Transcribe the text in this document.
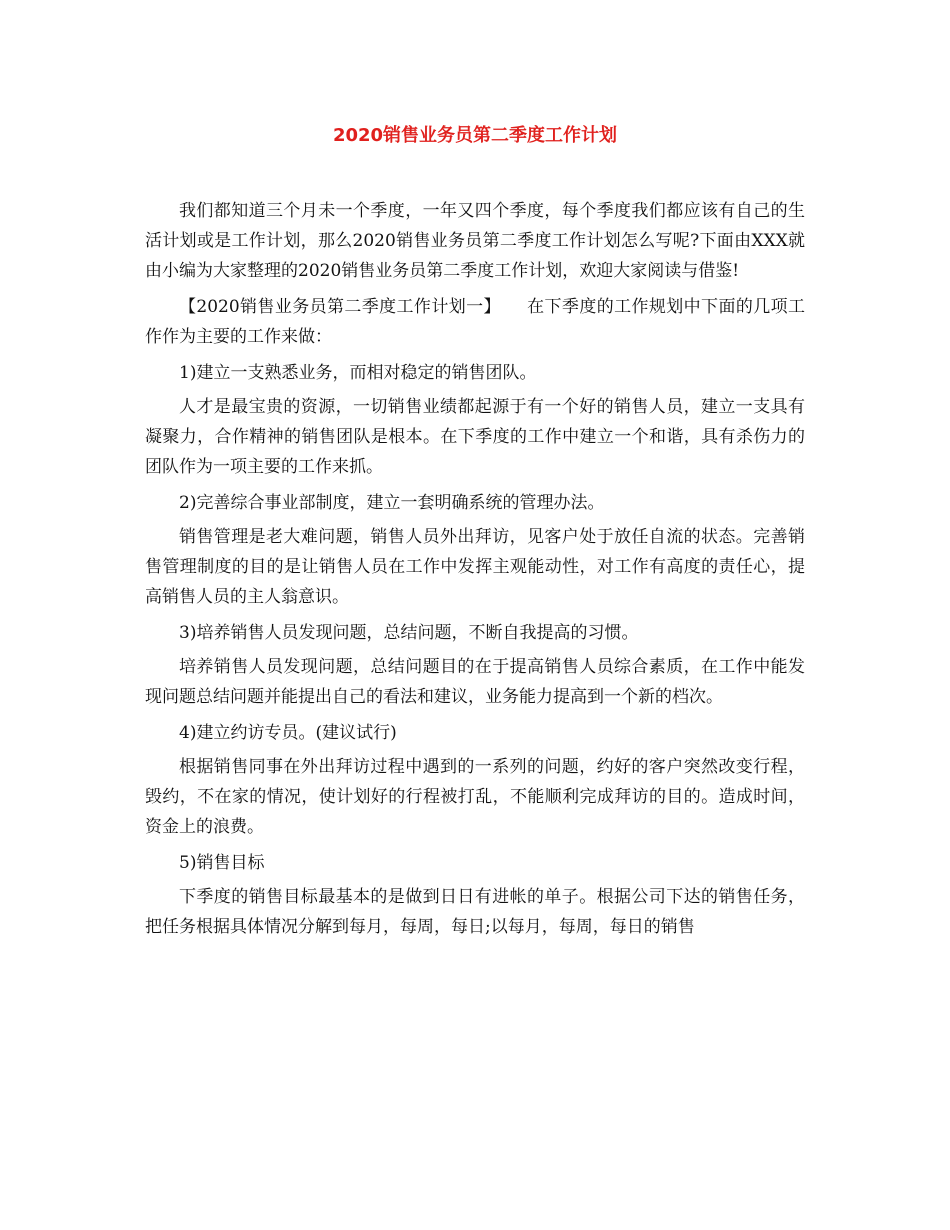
2020销售业务员第二季度工作计划

我们都知道三个月未一个季度，一年又四个季度，每个季度我们都应该有自己的生活计划或是工作计划，那么2020销售业务员第二季度工作计划怎么写呢?下面由XXX就由小编为大家整理的2020销售业务员第二季度工作计划，欢迎大家阅读与借鉴!

【2020销售业务员第二季度工作计划一】　　在下季度的工作规划中下面的几项工作作为主要的工作来做：

1)建立一支熟悉业务，而相对稳定的销售团队。

人才是最宝贵的资源，一切销售业绩都起源于有一个好的销售人员，建立一支具有凝聚力，合作精神的销售团队是根本。在下季度的工作中建立一个和谐，具有杀伤力的团队作为一项主要的工作来抓。

2)完善综合事业部制度，建立一套明确系统的管理办法。

销售管理是老大难问题，销售人员外出拜访，见客户处于放任自流的状态。完善销售管理制度的目的是让销售人员在工作中发挥主观能动性，对工作有高度的责任心，提高销售人员的主人翁意识。

3)培养销售人员发现问题，总结问题，不断自我提高的习惯。

培养销售人员发现问题，总结问题目的在于提高销售人员综合素质，在工作中能发现问题总结问题并能提出自己的看法和建议，业务能力提高到一个新的档次。

4)建立约访专员。(建议试行)

根据销售同事在外出拜访过程中遇到的一系列的问题，约好的客户突然改变行程，毁约，不在家的情况，使计划好的行程被打乱，不能顺利完成拜访的目的。造成时间，资金上的浪费。

5)销售目标

下季度的销售目标最基本的是做到日日有进帐的单子。根据公司下达的销售任务，把任务根据具体情况分解到每月，每周，每日;以每月，每周，每日的销售
